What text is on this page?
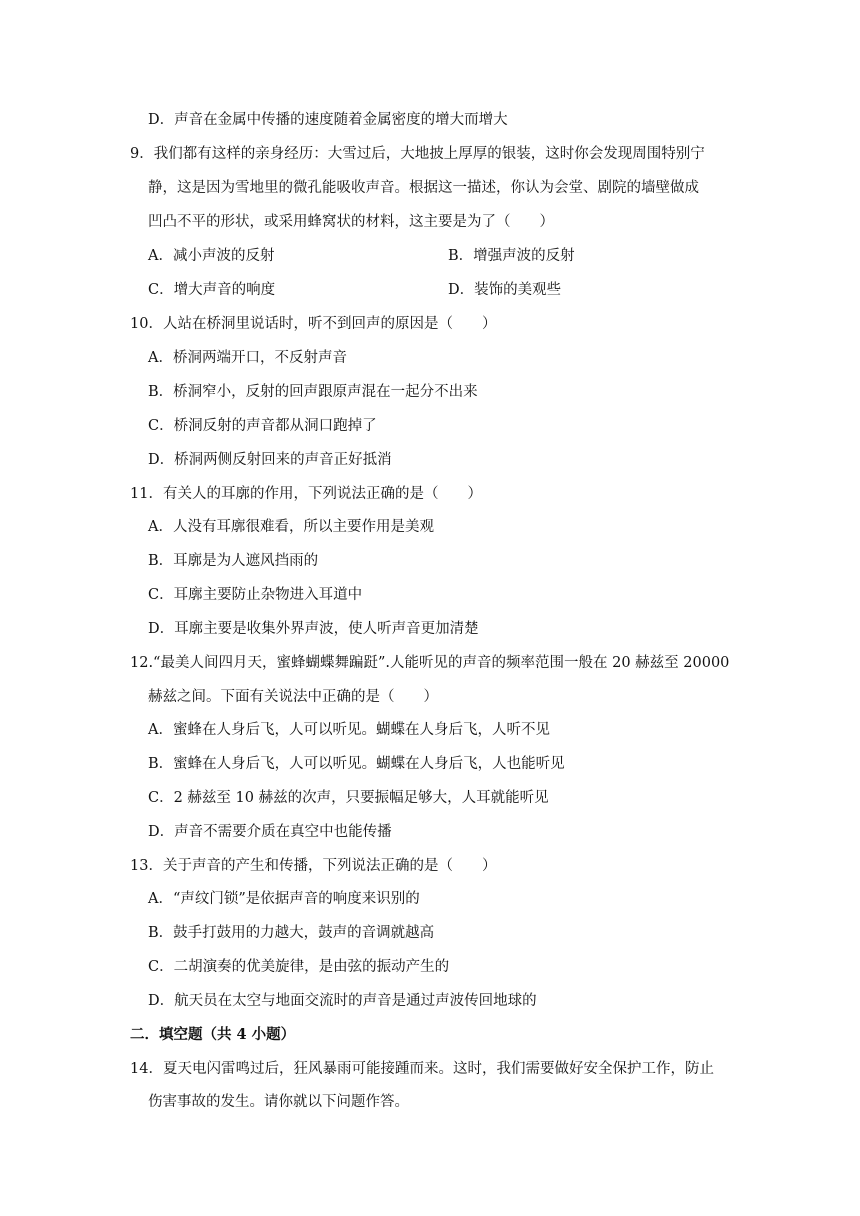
D．声音在金属中传播的速度随着金属密度的增大而增大
9．我们都有这样的亲身经历：大雪过后，大地披上厚厚的银装，这时你会发现周围特别宁
静，这是因为雪地里的微孔能吸收声音。根据这一描述，你认为会堂、剧院的墙壁做成
凹凸不平的形状，或采用蜂窝状的材料，这主要是为了（　　）
A．减小声波的反射	B．增强声波的反射
C．增大声音的响度	D．装饰的美观些
10．人站在桥洞里说话时，听不到回声的原因是（　　）
A．桥洞两端开口，不反射声音
B．桥洞窄小，反射的回声跟原声混在一起分不出来
C．桥洞反射的声音都从洞口跑掉了
D．桥洞两侧反射回来的声音正好抵消
11．有关人的耳廓的作用，下列说法正确的是（　　）
A．人没有耳廓很难看，所以主要作用是美观
B．耳廓是为人遮风挡雨的
C．耳廓主要防止杂物进入耳道中
D．耳廓主要是收集外界声波，使人听声音更加清楚
12.“最美人间四月天，蜜蜂蝴蝶舞蹁跹”.人能听见的声音的频率范围一般在 20 赫兹至 20000
赫兹之间。下面有关说法中正确的是（　　）
A．蜜蜂在人身后飞，人可以听见。蝴蝶在人身后飞，人听不见
B．蜜蜂在人身后飞，人可以听见。蝴蝶在人身后飞，人也能听见
C．2 赫兹至 10 赫兹的次声，只要振幅足够大，人耳就能听见
D．声音不需要介质在真空中也能传播
13．关于声音的产生和传播，下列说法正确的是（　　）
A．“声纹门锁”是依据声音的响度来识别的
B．鼓手打鼓用的力越大，鼓声的音调就越高
C．二胡演奏的优美旋律，是由弦的振动产生的
D．航天员在太空与地面交流时的声音是通过声波传回地球的
二．填空题（共 4 小题）
14．夏天电闪雷鸣过后，狂风暴雨可能接踵而来。这时，我们需要做好安全保护工作，防止
伤害事故的发生。请你就以下问题作答。
